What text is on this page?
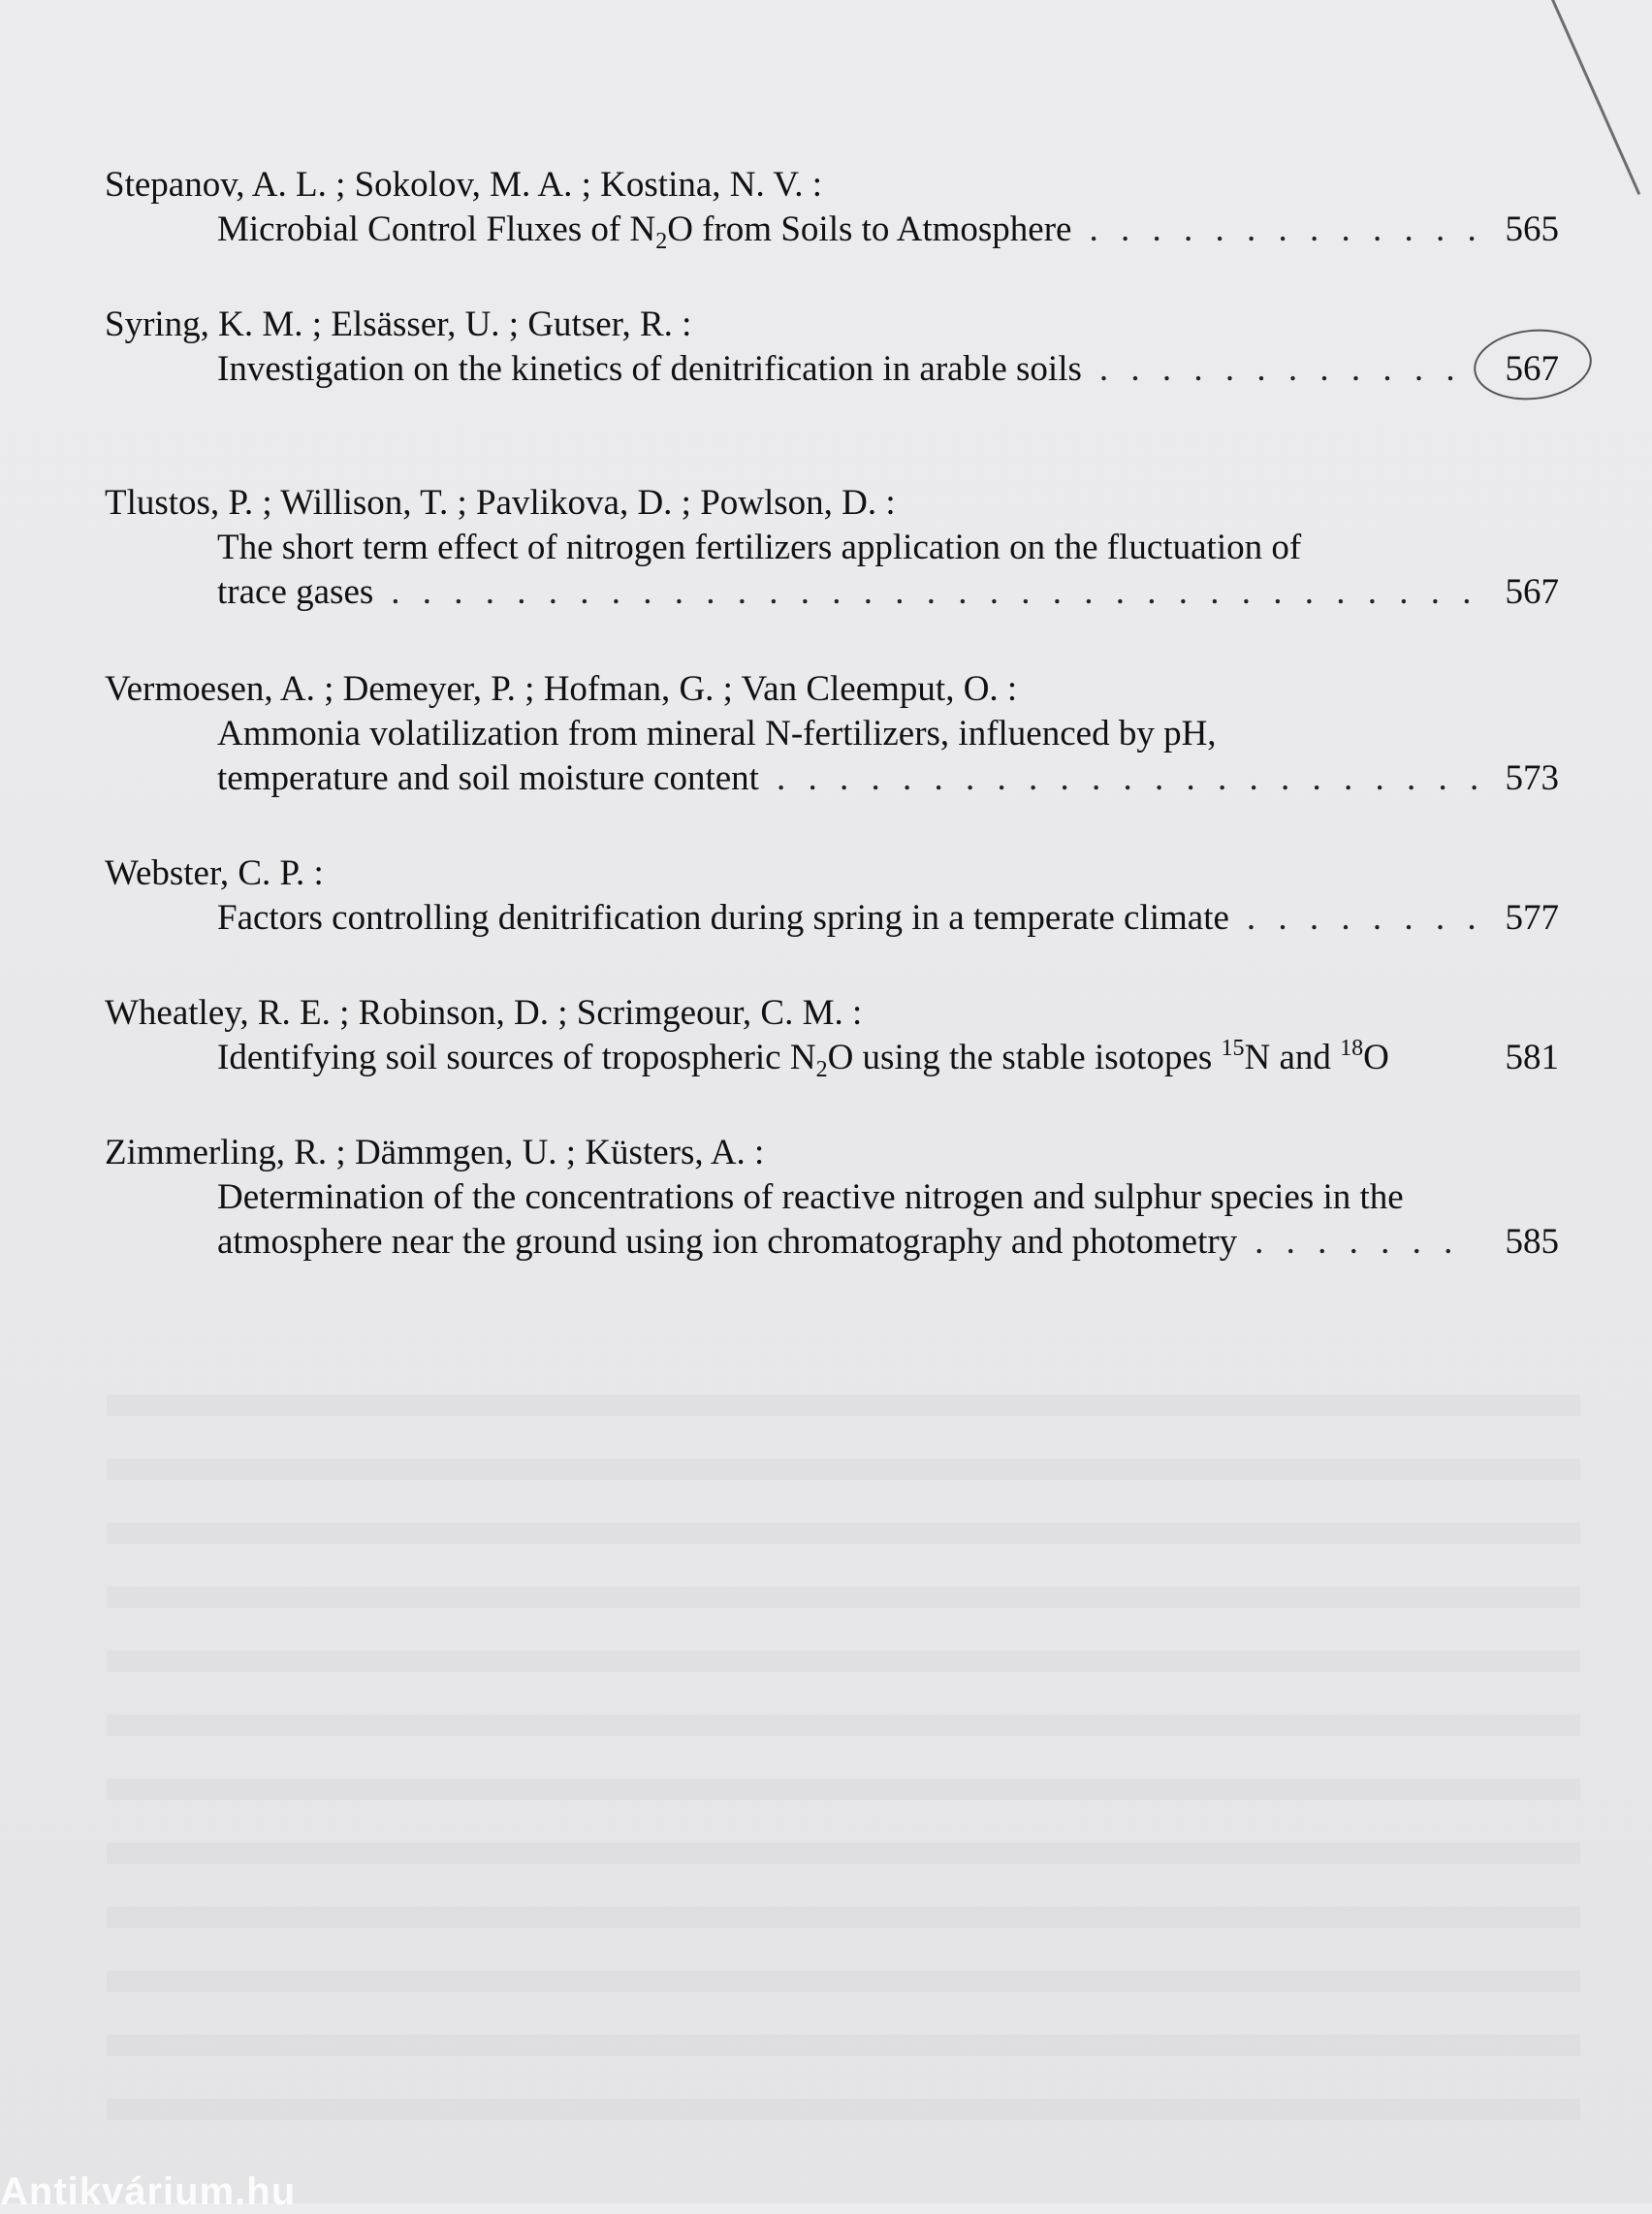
Stepanov, A. L. ; Sokolov, M. A. ; Kostina, N. V. :
Microbial Control Fluxes of $N_2O$ from Soils to Atmosphere . . .	565
Syring, K. M. ; Elsässer, U. ; Gutser, R. :
Investigation on the kinetics of denitrification in arable soils . . .	567
Tlustos, P. ; Willison, T. ; Pavlikova, D. ; Powlson, D. :
The short term effect of nitrogen fertilizers application on the fluctuation of
trace gases . . .	567
Vermoesen, A. ; Demeyer, P. ; Hofman, G. ; Van Cleemput, O. :
Ammonia volatilization from mineral N-fertilizers, influenced by pH,
temperature and soil moisture content . . .	573
Webster, C. P. :
Factors controlling denitrification during spring in a temperate climate . . .	577
Wheatley, R. E. ; Robinson, D. ; Scrimgeour, C. M. :
Identifying soil sources of tropospheric $N_2O$ using the stable isotopes $^{15}$N and $^{18}$O	581
Zimmerling, R. ; Dämmgen, U. ; Küsters, A. :
Determination of the concentrations of reactive nitrogen and sulphur species in the
atmosphere near the ground using ion chromatography and photometry . . .	585
Antikvárium.hu
